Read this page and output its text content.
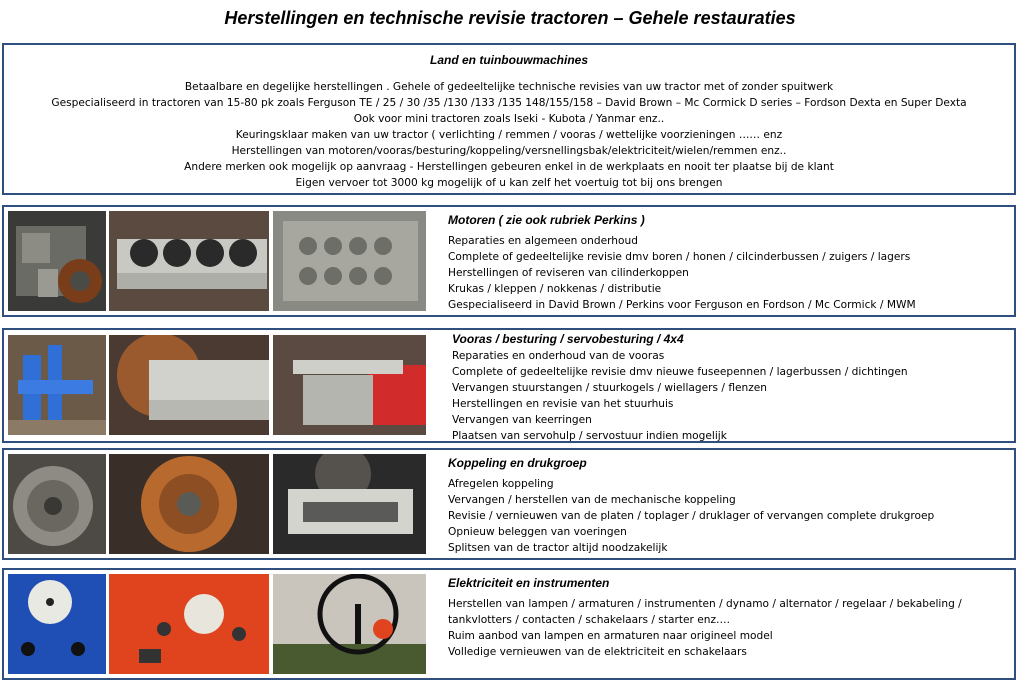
Herstellingen en technische revisie tractoren – Gehele restauraties
Land en tuinbouwmachines
Betaalbare en degelijke herstellingen . Gehele of gedeeltelijke technische revisies van uw tractor met of zonder spuitwerk
Gespecialiseerd in tractoren van 15-80 pk zoals Ferguson TE / 25 / 30 /35 /130 /133 /135 148/155/158 – David Brown – Mc Cormick D series – Fordson Dexta en Super Dexta
Ook voor mini tractoren zoals Iseki - Kubota / Yanmar enz..
Keuringsklaar maken van uw tractor ( verlichting / remmen / vooras / wettelijke voorzieningen …… enz
Herstellingen van motoren/vooras/besturing/koppeling/versnellingsbak/elektriciteit/wielen/remmen enz..
Andere merken ook mogelijk op aanvraag - Herstellingen gebeuren enkel in de werkplaats en nooit ter plaatse bij de klant
Eigen vervoer tot 3000 kg mogelijk of u kan zelf het voertuig tot bij ons brengen
Motoren ( zie ook rubriek Perkins )
Reparaties en algemeen onderhoud
Complete of gedeeltelijke revisie dmv boren / honen / cilcinderbussen / zuigers / lagers
Herstellingen of reviseren van cilinderkoppen
Krukas / kleppen / nokkenas / distributie
Gespecialiseerd in David Brown / Perkins voor Ferguson en Fordson / Mc Cormick / MWM
Vooras / besturing / servobesturing / 4x4
Reparaties en onderhoud van de vooras
Complete of gedeeltelijke revisie dmv nieuwe fuseepennen / lagerbussen / dichtingen
Vervangen stuurstangen / stuurkogels / wiellagers / flenzen
Herstellingen en revisie van het stuurhuis
Vervangen van keerringen
Plaatsen van servohulp / servostuur indien mogelijk
Koppeling en drukgroep
Afregelen koppeling
Vervangen / herstellen van de mechanische koppeling
Revisie / vernieuwen van de platen / toplager / druklager of vervangen complete drukgroep
Opnieuw beleggen van voeringen
Splitsen van de tractor altijd noodzakelijk
Elektriciteit en instrumenten
Herstellen van lampen / armaturen / instrumenten / dynamo / alternator / regelaar / bekabeling /
tankvlotters / contacten / schakelaars / starter enz….
Ruim aanbod van lampen en armaturen naar origineel model
Volledige vernieuwen van de elektriciteit en schakelaars
